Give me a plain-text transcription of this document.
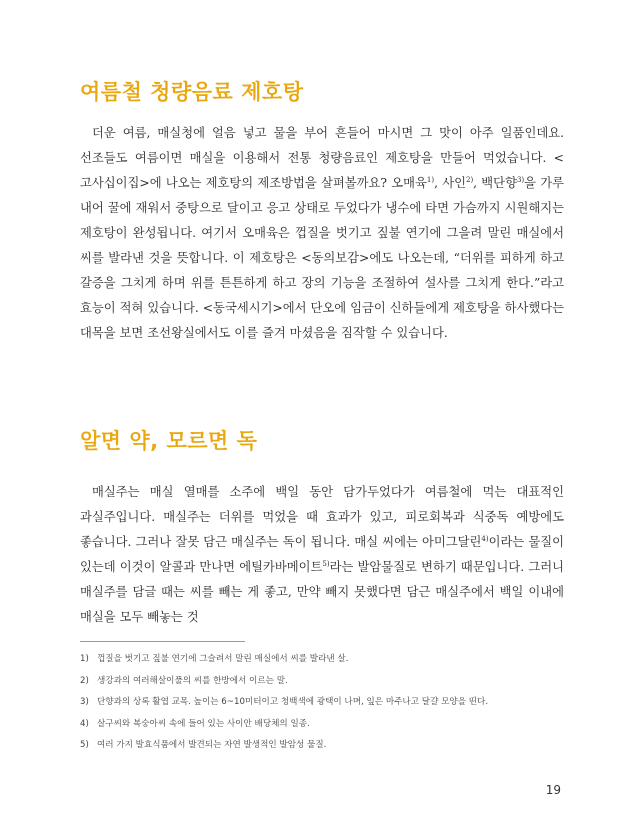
여름철 청량음료 제호탕

더운 여름, 매실청에 얼음 넣고 물을 부어 흔들어 마시면 그 맛이 아주 일품인데요. 선조들도 여름이면 매실을 이용해서 전통 청량음료인 제호탕을 만들어 먹었습니다. <고사십이집>에 나오는 제호탕의 제조방법을 살펴볼까요? 오매육$^{1)}$, 사인$^{2)}$, 백단향$^{3)}$을 가루 내어 꿀에 재워서 중탕으로 달이고 응고 상태로 두었다가 냉수에 타면 가슴까지 시원해지는 제호탕이 완성됩니다. 여기서 오매육은 껍질을 벗기고 짚불 연기에 그을려 말린 매실에서 씨를 발라낸 것을 뜻합니다. 이 제호탕은 <동의보감>에도 나오는데, “더위를 피하게 하고 갈증을 그치게 하며 위를 튼튼하게 하고 장의 기능을 조절하여 설사를 그치게 한다.”라고 효능이 적혀 있습니다. <동국세시기>에서 단오에 임금이 신하들에게 제호탕을 하사했다는 대목을 보면 조선왕실에서도 이를 즐겨 마셨음을 짐작할 수 있습니다.

알면 약, 모르면 독

매실주는 매실 열매를 소주에 백일 동안 담가두었다가 여름철에 먹는 대표적인 과실주입니다. 매실주는 더위를 먹었을 때 효과가 있고, 피로회복과 식중독 예방에도 좋습니다. 그러나 잘못 담근 매실주는 독이 됩니다. 매실 씨에는 아미그달린$^{4)}$이라는 물질이 있는데 이것이 알콜과 만나면 에틸카바메이트$^{5)}$라는 발암물질로 변하기 때문입니다. 그러니 매실주를 담글 때는 씨를 빼는 게 좋고, 만약 빼지 못했다면 담근 매실주에서 백일 이내에 매실을 모두 빼놓는 것

1) 껍질을 벗기고 짚불 연기에 그슬려서 말린 매실에서 씨를 발라낸 살.
2) 생강과의 여러해살이풀의 씨를 한방에서 이르는 말.
3) 단향과의 상록 활엽 교목. 높이는 6~10미터이고 청백색에 광택이 나며, 잎은 마주나고 달걀 모양을 띤다.
4) 살구씨와 복숭아씨 속에 들어 있는 사이안 배당체의 일종.
5) 여러 가지 발효식품에서 발견되는 자연 발생적인 발암성 물질.
19
